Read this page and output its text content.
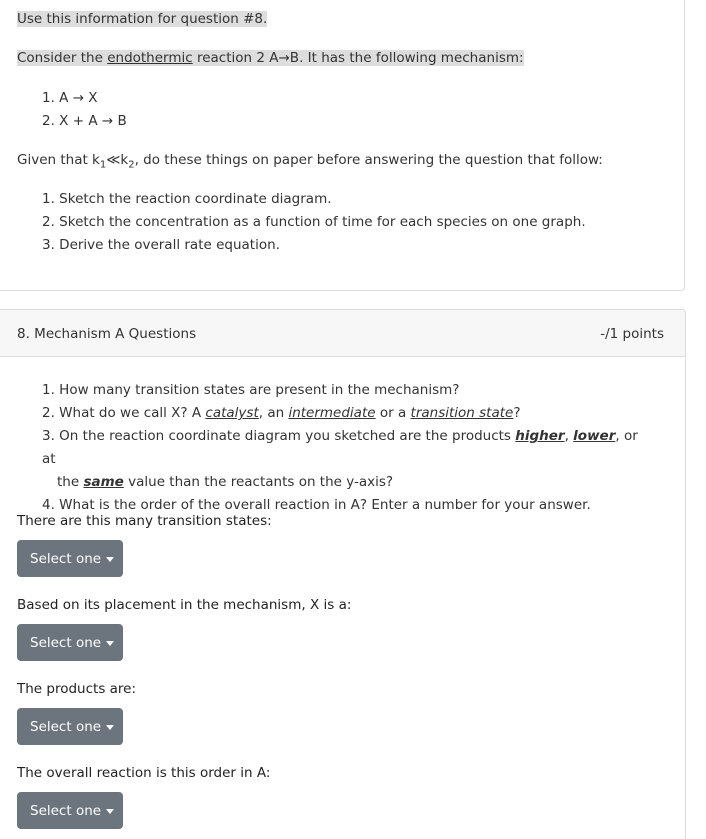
Use this information for question #8.
Consider the endothermic reaction 2 A→B. It has the following mechanism:
1. A → X
2. X + A → B
Given that $k_1≪k_2$, do these things on paper before answering the question that follow:
1. Sketch the reaction coordinate diagram.
2. Sketch the concentration as a function of time for each species on one graph.
3. Derive the overall rate equation.
8. Mechanism A Questions	-/1 points
1. How many transition states are present in the mechanism?
2. What do we call X? A catalyst, an intermediate or a transition state?
3. On the reaction coordinate diagram you sketched are the products higher, lower, or at
the same value than the reactants on the y-axis?
4. What is the order of the overall reaction in A? Enter a number for your answer.
There are this many transition states:
Select one
Based on its placement in the mechanism, X is a:
Select one
The products are:
Select one
The overall reaction is this order in A:
Select one
